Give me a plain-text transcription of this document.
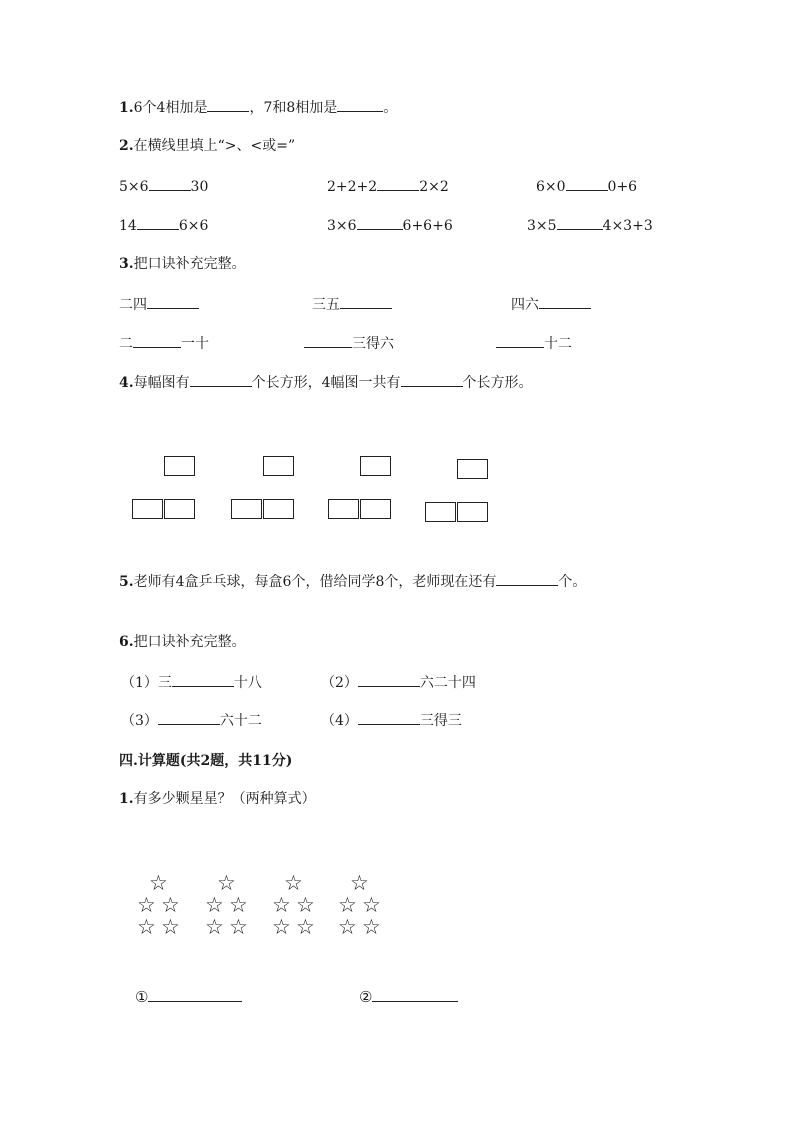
1.6个4相加是	，7和8相加是	。
2.在横线里填上“>、<或=”
5×6	30	2+2+2	2×2	6×0	0+6
14	6×6	3×6	6+6+6	3×5	4×3+3
3.把口诀补充完整。
二四	三五	四六
二	一十	三得六	十二
4.每幅图有	个长方形，4幅图一共有	个长方形。
5.老师有4盒乒乓球，每盒6个，借给同学8个，老师现在还有	个。
6.把口诀补充完整。
（1）三	十八	（2）	六二十四
（3）	六十二	（4）	三得三
四.计算题(共2题，共11分)
1.有多少颗星星？（两种算式）
☆
☆ ☆
☆ ☆
☆
☆ ☆
☆ ☆
☆
☆ ☆
☆ ☆
☆
☆ ☆
☆ ☆
①	②
